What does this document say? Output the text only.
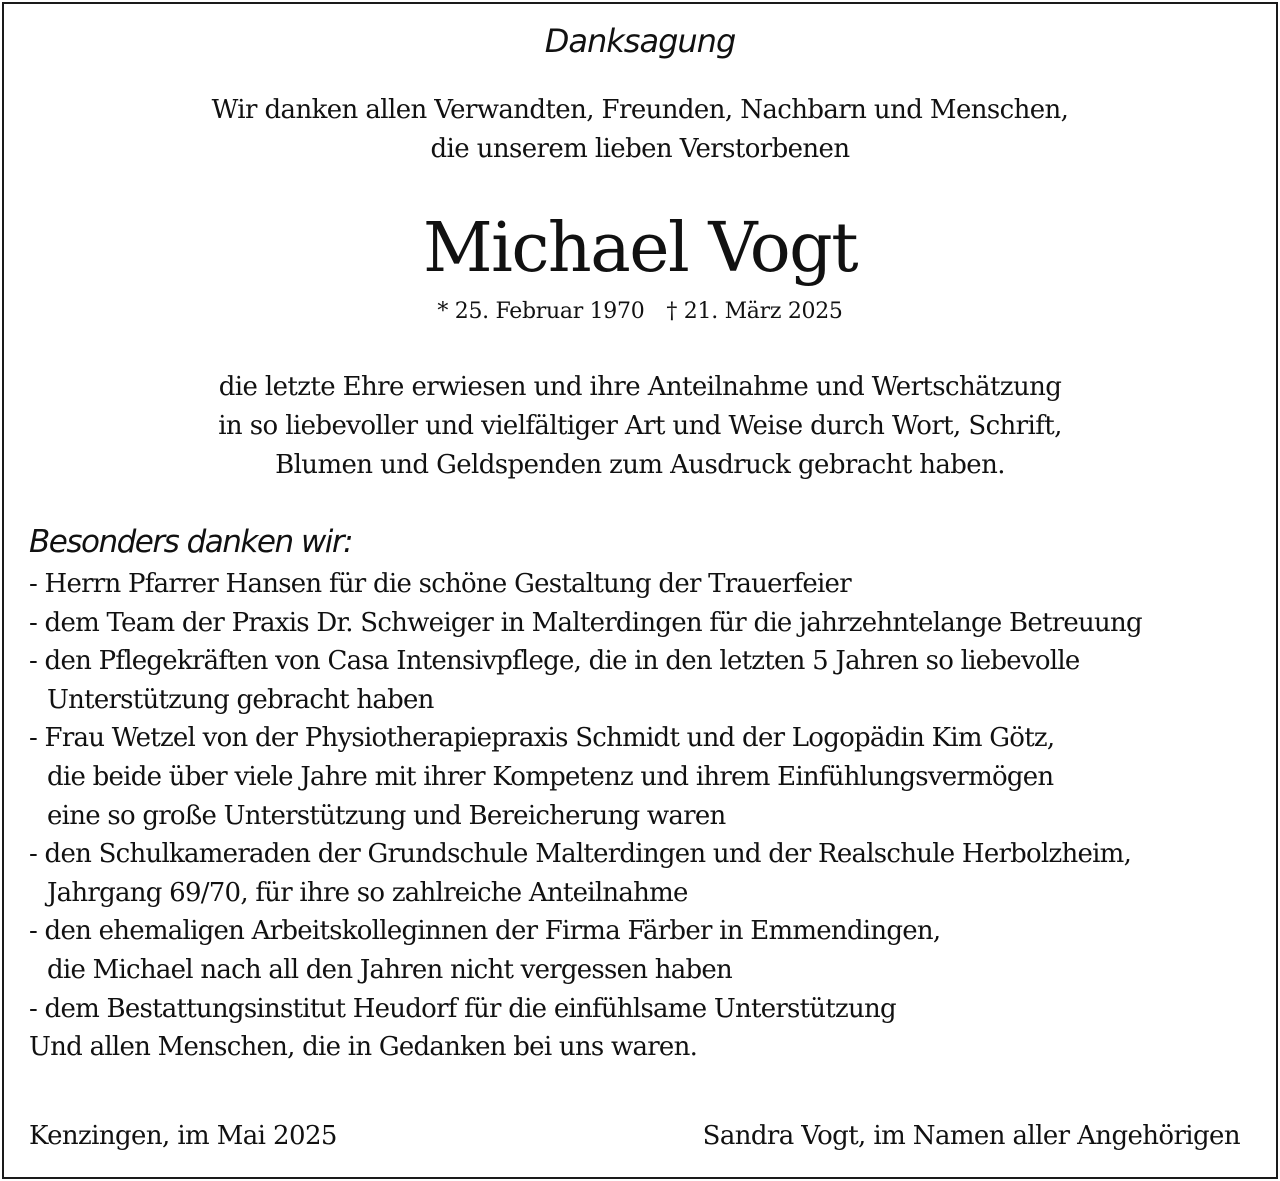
Danksagung
Wir danken allen Verwandten, Freunden, Nachbarn und Menschen,
die unserem lieben Verstorbenen
Michael Vogt
* 25. Februar 1970 † 21. März 2025
die letzte Ehre erwiesen und ihre Anteilnahme und Wertschätzung
in so liebevoller und vielfältiger Art und Weise durch Wort, Schrift,
Blumen und Geldspenden zum Ausdruck gebracht haben.
Besonders danken wir:
- Herrn Pfarrer Hansen für die schöne Gestaltung der Trauerfeier
- dem Team der Praxis Dr. Schweiger in Malterdingen für die jahrzehntelange Betreuung
- den Pflegekräften von Casa Intensivpflege, die in den letzten 5 Jahren so liebevolle
Unterstützung gebracht haben
- Frau Wetzel von der Physiotherapiepraxis Schmidt und der Logopädin Kim Götz,
die beide über viele Jahre mit ihrer Kompetenz und ihrem Einfühlungsvermögen
eine so große Unterstützung und Bereicherung waren
- den Schulkameraden der Grundschule Malterdingen und der Realschule Herbolzheim,
Jahrgang 69/70, für ihre so zahlreiche Anteilnahme
- den ehemaligen Arbeitskolleginnen der Firma Färber in Emmendingen,
die Michael nach all den Jahren nicht vergessen haben
- dem Bestattungsinstitut Heudorf für die einfühlsame Unterstützung
Und allen Menschen, die in Gedanken bei uns waren.
Kenzingen, im Mai 2025	Sandra Vogt, im Namen aller Angehörigen
